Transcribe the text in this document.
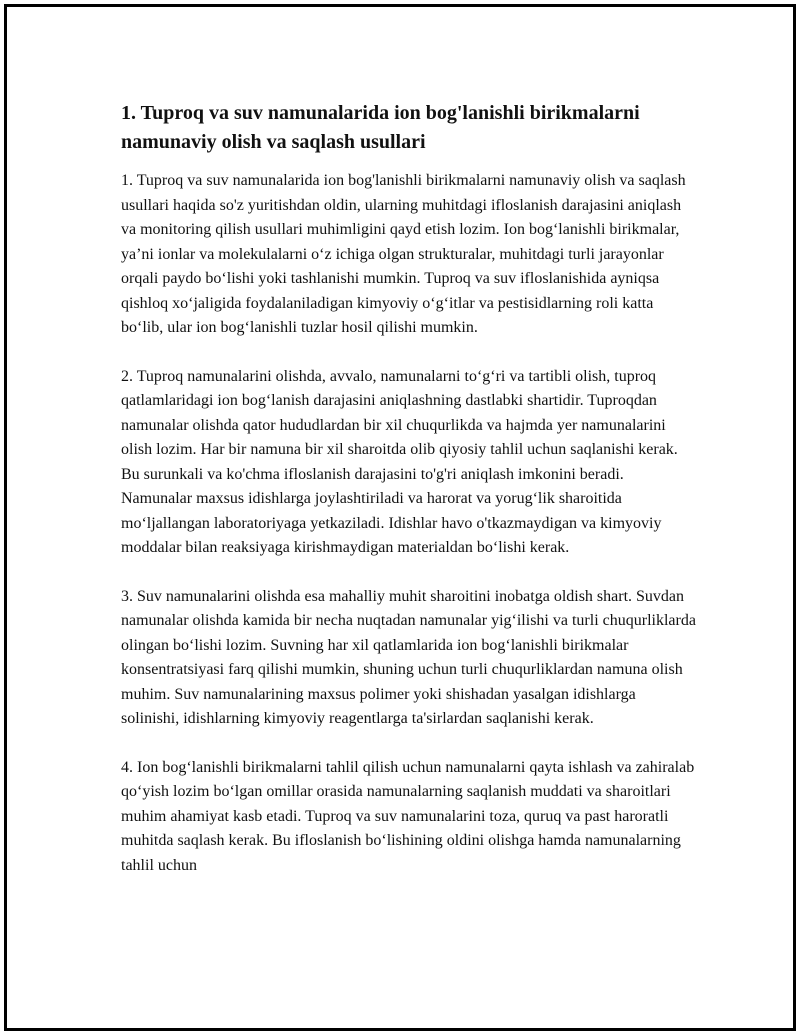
1. Tuproq va suv namunalarida ion bog'lanishli birikmalarni namunaviy olish va saqlash usullari

1. Tuproq va suv namunalarida ion bog'lanishli birikmalarni namunaviy olish va saqlash usullari haqida so'z yuritishdan oldin, ularning muhitdagi ifloslanish darajasini aniqlash va monitoring qilish usullari muhimligini qayd etish lozim. Ion bogʻlanishli birikmalar, ya’ni ionlar va molekulalarni oʻz ichiga olgan strukturalar, muhitdagi turli jarayonlar orqali paydo boʻlishi yoki tashlanishi mumkin. Tuproq va suv ifloslanishida ayniqsa qishloq xoʻjaligida foydalaniladigan kimyoviy oʻgʻitlar va pestisidlarning roli katta boʻlib, ular ion bogʻlanishli tuzlar hosil qilishi mumkin.

2. Tuproq namunalarini olishda, avvalo, namunalarni toʻgʻri va tartibli olish, tuproq qatlamlaridagi ion bogʻlanish darajasini aniqlashning dastlabki shartidir. Tuproqdan namunalar olishda qator hududlardan bir xil chuqurlikda va hajmda yer namunalarini olish lozim. Har bir namuna bir xil sharoitda olib qiyosiy tahlil uchun saqlanishi kerak. Bu surunkali va ko'chma ifloslanish darajasini to'g'ri aniqlash imkonini beradi. Namunalar maxsus idishlarga joylashtiriladi va harorat va yorug‘lik sharoitida moʻljallangan laboratoriyaga yetkaziladi. Idishlar havo o'tkazmaydigan va kimyoviy moddalar bilan reaksiyaga kirishmaydigan materialdan boʻlishi kerak.

3. Suv namunalarini olishda esa mahalliy muhit sharoitini inobatga oldish shart. Suvdan namunalar olishda kamida bir necha nuqtadan namunalar yigʻilishi va turli chuqurliklarda olingan boʻlishi lozim. Suvning har xil qatlamlarida ion bogʻlanishli birikmalar konsentratsiyasi farq qilishi mumkin, shuning uchun turli chuqurliklardan namuna olish muhim. Suv namunalarining maxsus polimer yoki shishadan yasalgan idishlarga solinishi, idishlarning kimyoviy reagentlarga ta'sirlardan saqlanishi kerak.

4. Ion bogʻlanishli birikmalarni tahlil qilish uchun namunalarni qayta ishlash va zahiralab qoʻyish lozim boʻlgan omillar orasida namunalarning saqlanish muddati va sharoitlari muhim ahamiyat kasb etadi. Tuproq va suv namunalarini toza, quruq va past haroratli muhitda saqlash kerak. Bu ifloslanish boʻlishining oldini olishga hamda namunalarning tahlil uchun
